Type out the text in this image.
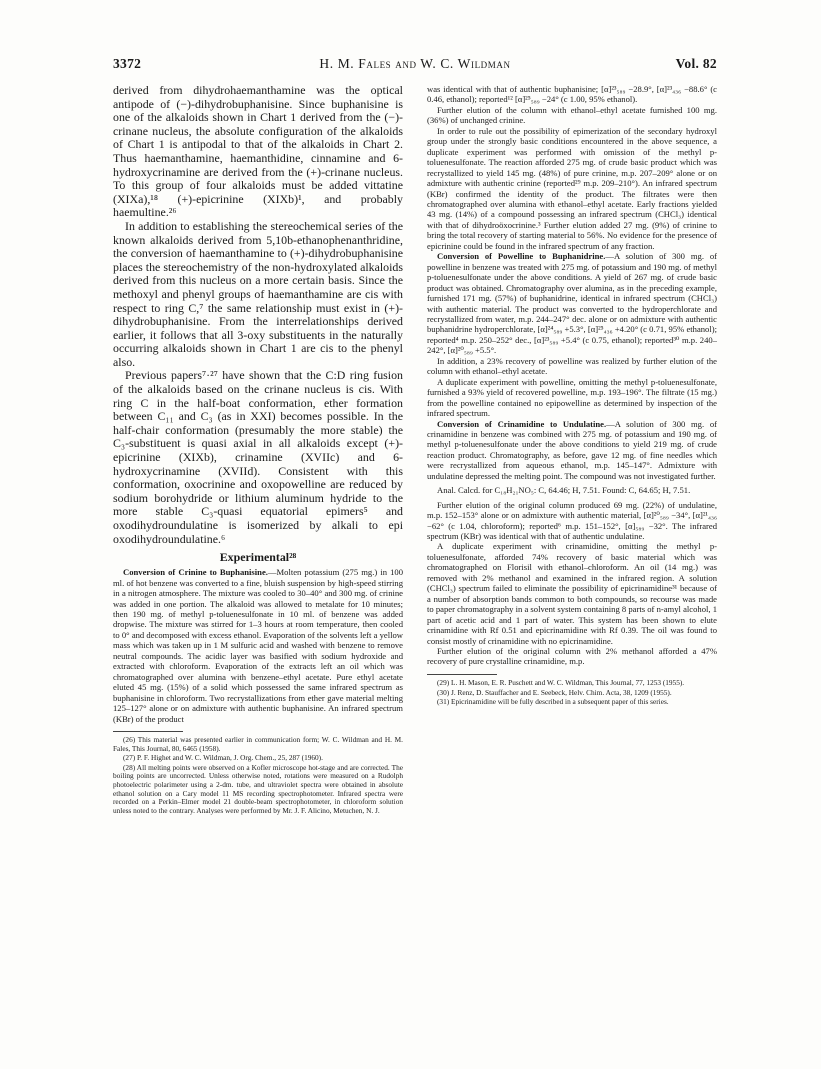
3372	H. M. Fales and W. C. Wildman	Vol. 82

derived from dihydrohaemanthamine was the optical antipode of (−)-dihydrobuphanisine. Since buphanisine is one of the alkaloids shown in Chart 1 derived from the (−)-crinane nucleus, the absolute configuration of the alkaloids of Chart 1 is antipodal to that of the alkaloids in Chart 2. Thus haemanthamine, haemanthidine, cinnamine and 6-hydroxycrinamine are derived from the (+)-crinane nucleus. To this group of four alkaloids must be added vittatine (XIXa),¹⁸ (+)-epicrinine (XIXb)¹, and probably haemultine.²⁶

In addition to establishing the stereochemical series of the known alkaloids derived from 5,10b-ethanophenanthridine, the conversion of haemanthamine to (+)-dihydrobuphanisine places the stereochemistry of the non-hydroxylated alkaloids derived from this nucleus on a more certain basis. Since the methoxyl and phenyl groups of haemanthamine are cis with respect to ring C,⁷ the same relationship must exist in (+)-dihydrobuphanisine. From the interrelationships derived earlier, it follows that all 3-oxy substituents in the naturally occurring alkaloids shown in Chart 1 are cis to the phenyl also.

Previous papers⁷·²⁷ have shown that the C:D ring fusion of the alkaloids based on the crinane nucleus is cis. With ring C in the half-boat conformation, ether formation between C₁₁ and C₃ (as in XXI) becomes possible. In the half-chair conformation (presumably the more stable) the C₃-substituent is quasi axial in all alkaloids except (+)-epicrinine (XIXb), crinamine (XVIIc) and 6-hydroxycrinamine (XVIId). Consistent with this conformation, oxocrinine and oxopowelline are reduced by sodium borohydride or lithium aluminum hydride to the more stable C₃-quasi equatorial epimers⁵ and oxodihydroundulatine is isomerized by alkali to epi oxodihydroundulatine.⁶

Experimental²⁸

Conversion of Crinine to Buphanisine.—Molten potassium (275 mg.) in 100 ml. of hot benzene was converted to a fine, bluish suspension by high-speed stirring in a nitrogen atmosphere. The mixture was cooled to 30–40° and 300 mg. of crinine was added in one portion. The alkaloid was allowed to metalate for 10 minutes; then 190 mg. of methyl p-toluenesulfonate in 10 ml. of benzene was added dropwise. The mixture was stirred for 1–3 hours at room temperature, then cooled to 0° and decomposed with excess ethanol. Evaporation of the solvents left a yellow mass which was taken up in 1 M sulfuric acid and washed with benzene to remove neutral compounds. The acidic layer was basified with sodium hydroxide and extracted with chloroform. Evaporation of the extracts left an oil which was chromatographed over alumina with benzene–ethyl acetate. Pure ethyl acetate eluted 45 mg. (15%) of a solid which possessed the same infrared spectrum as buphanisine in chloroform. Two recrystallizations from ether gave material melting 125–127° alone or on admixture with authentic buphanisine. An infrared spectrum (KBr) of the product

(26) This material was presented earlier in communication form; W. C. Wildman and H. M. Fales, This Journal, 80, 6465 (1958).

(27) P. F. Highet and W. C. Wildman, J. Org. Chem., 25, 287 (1960).

(28) All melting points were observed on a Kofler microscope hot-stage and are corrected. The boiling points are uncorrected. Unless otherwise noted, rotations were measured on a Rudolph photoelectric polarimeter using a 2-dm. tube, and ultraviolet spectra were obtained in absolute ethanol solution on a Cary model 11 MS recording spectrophotometer. Infrared spectra were recorded on a Perkin–Elmer model 21 double-beam spectrophotometer, in chloroform solution unless noted to the contrary. Analyses were performed by Mr. J. F. Alicino, Metuchen, N. J.

was identical with that of authentic buphanisine; [α]²³₅₈₉ −28.9°, [α]²³₄₃₆ −88.6° (c 0.46, ethanol); reported¹² [α]²⁵₅₈₉ −24° (c 1.00, 95% ethanol).

Further elution of the column with ethanol–ethyl acetate furnished 100 mg. (36%) of unchanged crinine.

In order to rule out the possibility of epimerization of the secondary hydroxyl group under the strongly basic conditions encountered in the above sequence, a duplicate experiment was performed with omission of the methyl p-toluenesulfonate. The reaction afforded 275 mg. of crude basic product which was recrystallized to yield 145 mg. (48%) of pure crinine, m.p. 207–209° alone or on admixture with authentic crinine (reported²⁹ m.p. 209–210°). An infrared spectrum (KBr) confirmed the identity of the product. The filtrates were then chromatographed over alumina with ethanol–ethyl acetate. Early fractions yielded 43 mg. (14%) of a compound possessing an infrared spectrum (CHCl₃) identical with that of dihydroöxocrinine.³ Further elution added 27 mg. (9%) of crinine to bring the total recovery of starting material to 56%. No evidence for the presence of epicrinine could be found in the infrared spectrum of any fraction.

Conversion of Powelline to Buphanidrine.—A solution of 300 mg. of powelline in benzene was treated with 275 mg. of potassium and 190 mg. of methyl p-toluenesulfonate under the above conditions. A yield of 267 mg. of crude basic product was obtained. Chromatography over alumina, as in the preceding example, furnished 171 mg. (57%) of buphanidrine, identical in infrared spectrum (CHCl₃) with authentic material. The product was converted to the hydroperchlorate and recrystallized from water, m.p. 244–247° dec. alone or on admixture with authentic buphanidrine hydroperchlorate, [α]²⁴₅₈₉ +5.3°, [α]²⁵₄₃₆ +4.20° (c 0.71, 95% ethanol); reported⁴ m.p. 250–252° dec., [α]²³₅₈₉ +5.4° (c 0.75, ethanol); reported³⁰ m.p. 240–242°, [α]²⁰₅₈₉ +5.5°.

In addition, a 23% recovery of powelline was realized by further elution of the column with ethanol–ethyl acetate.

A duplicate experiment with powelline, omitting the methyl p-toluenesulfonate, furnished a 93% yield of recovered powelline, m.p. 193–196°. The filtrate (15 mg.) from the powelline contained no epipowelline as determined by inspection of the infrared spectrum.

Conversion of Crinamidine to Undulatine.—A solution of 300 mg. of crinamidine in benzene was combined with 275 mg. of potassium and 190 mg. of methyl p-toluenesulfonate under the above conditions to yield 219 mg. of crude reaction product. Chromatography, as before, gave 12 mg. of fine needles which were recrystallized from aqueous ethanol, m.p. 145–147°. Admixture with undulatine depressed the melting point. The compound was not investigated further.

Anal. Calcd. for C₁₈H₂₁NO₅: C, 64.46; H, 7.51. Found: C, 64.65; H, 7.51.

Further elution of the original column produced 69 mg. (22%) of undulatine, m.p. 152–153° alone or on admixture with authentic material, [α]²⁰₅₈₉ −34°, [α]²¹₄₃₆ −62° (c 1.04, chloroform); reported⁶ m.p. 151–152°, [α]₅₈₉ −32°. The infrared spectrum (KBr) was identical with that of authentic undulatine.

A duplicate experiment with crinamidine, omitting the methyl p-toluenesulfonate, afforded 74% recovery of basic material which was chromatographed on Florisil with ethanol–chloroform. An oil (14 mg.) was removed with 2% methanol and examined in the infrared region. A solution (CHCl₃) spectrum failed to eliminate the possibility of epicrinamidine³¹ because of a number of absorption bands common to both compounds, so recourse was made to paper chromatography in a solvent system containing 8 parts of n-amyl alcohol, 1 part of acetic acid and 1 part of water. This system has been shown to elute crinamidine with Rf 0.51 and epicrinamidine with Rf 0.39. The oil was found to consist mostly of crinamidine with no epicrinamidine.

Further elution of the original column with 2% methanol afforded a 47% recovery of pure crystalline crinamidine, m.p.

(29) L. H. Mason, E. R. Puschett and W. C. Wildman, This Journal, 77, 1253 (1955).

(30) J. Renz, D. Stauffacher and E. Seebeck, Helv. Chim. Acta, 38, 1209 (1955).

(31) Epicrinamidine will be fully described in a subsequent paper of this series.
